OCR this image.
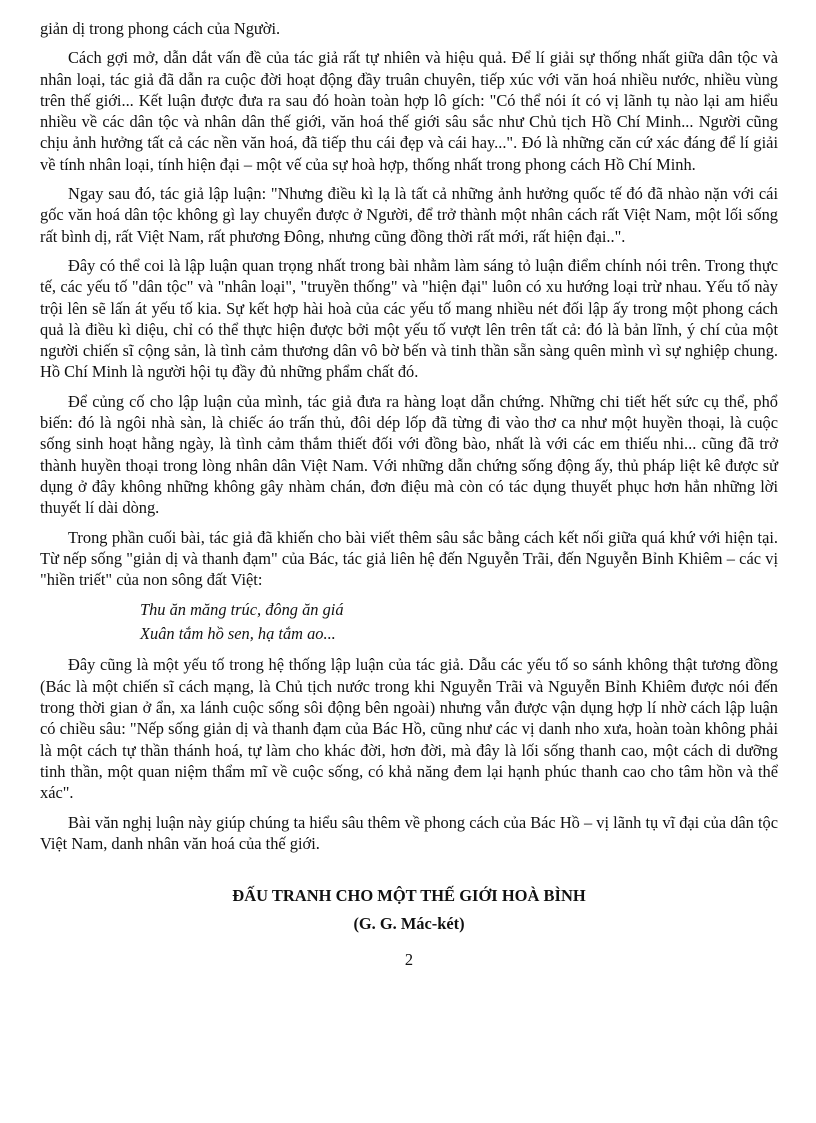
giản dị trong phong cách của Người.

Cách gợi mở, dẫn dắt vấn đề của tác giả rất tự nhiên và hiệu quả. Để lí giải sự thống nhất giữa dân tộc và nhân loại, tác giả đã dẫn ra cuộc đời hoạt động đầy truân chuyên, tiếp xúc với văn hoá nhiều nước, nhiều vùng trên thế giới... Kết luận được đưa ra sau đó hoàn toàn hợp lô gích: "Có thể nói ít có vị lãnh tụ nào lại am hiểu nhiều về các dân tộc và nhân dân thế giới, văn hoá thế giới sâu sắc như Chủ tịch Hồ Chí Minh... Người cũng chịu ảnh hưởng tất cả các nền văn hoá, đã tiếp thu cái đẹp và cái hay...". Đó là những căn cứ xác đáng để lí giải về tính nhân loại, tính hiện đại – một vế của sự hoà hợp, thống nhất trong phong cách Hồ Chí Minh.

Ngay sau đó, tác giả lập luận: "Nhưng điều kì lạ là tất cả những ảnh hưởng quốc tế đó đã nhào nặn với cái gốc văn hoá dân tộc không gì lay chuyển được ở Người, để trở thành một nhân cách rất Việt Nam, một lối sống rất bình dị, rất Việt Nam, rất phương Đông, nhưng cũng đồng thời rất mới, rất hiện đại..".

Đây có thể coi là lập luận quan trọng nhất trong bài nhằm làm sáng tỏ luận điểm chính nói trên. Trong thực tế, các yếu tố "dân tộc" và "nhân loại", "truyền thống" và "hiện đại" luôn có xu hướng loại trừ nhau. Yếu tố này trội lên sẽ lấn át yếu tố kia. Sự kết hợp hài hoà của các yếu tố mang nhiều nét đối lập ấy trong một phong cách quả là điều kì diệu, chỉ có thể thực hiện được bởi một yếu tố vượt lên trên tất cả: đó là bản lĩnh, ý chí của một người chiến sĩ cộng sản, là tình cảm thương dân vô bờ bến và tinh thần sẵn sàng quên mình vì sự nghiệp chung. Hồ Chí Minh là người hội tụ đầy đủ những phẩm chất đó.

Để củng cố cho lập luận của mình, tác giả đưa ra hàng loạt dẫn chứng. Những chi tiết hết sức cụ thể, phổ biến: đó là ngôi nhà sàn, là chiếc áo trấn thủ, đôi dép lốp đã từng đi vào thơ ca như một huyền thoại, là cuộc sống sinh hoạt hằng ngày, là tình cảm thắm thiết đối với đồng bào, nhất là với các em thiếu nhi... cũng đã trở thành huyền thoại trong lòng nhân dân Việt Nam. Với những dẫn chứng sống động ấy, thủ pháp liệt kê được sử dụng ở đây không những không gây nhàm chán, đơn điệu mà còn có tác dụng thuyết phục hơn hẳn những lời thuyết lí dài dòng.

Trong phần cuối bài, tác giả đã khiến cho bài viết thêm sâu sắc bằng cách kết nối giữa quá khứ với hiện tại. Từ nếp sống "giản dị và thanh đạm" của Bác, tác giả liên hệ đến Nguyễn Trãi, đến Nguyễn Bỉnh Khiêm – các vị "hiền triết" của non sông đất Việt:

Thu ăn măng trúc, đông ăn giá
Xuân tắm hồ sen, hạ tắm ao...

Đây cũng là một yếu tố trong hệ thống lập luận của tác giả. Dẫu các yếu tố so sánh không thật tương đồng (Bác là một chiến sĩ cách mạng, là Chủ tịch nước trong khi Nguyễn Trãi và Nguyễn Bỉnh Khiêm được nói đến trong thời gian ở ẩn, xa lánh cuộc sống sôi động bên ngoài) nhưng vẫn được vận dụng hợp lí nhờ cách lập luận có chiều sâu: "Nếp sống giản dị và thanh đạm của Bác Hồ, cũng như các vị danh nho xưa, hoàn toàn không phải là một cách tự thần thánh hoá, tự làm cho khác đời, hơn đời, mà đây là lối sống thanh cao, một cách di dưỡng tinh thần, một quan niệm thẩm mĩ về cuộc sống, có khả năng đem lại hạnh phúc thanh cao cho tâm hồn và thể xác".

Bài văn nghị luận này giúp chúng ta hiểu sâu thêm về phong cách của Bác Hồ – vị lãnh tụ vĩ đại của dân tộc Việt Nam, danh nhân văn hoá của thế giới.

ĐẤU TRANH CHO MỘT THẾ GIỚI HOÀ BÌNH
(G. G. Mác-két)
2
